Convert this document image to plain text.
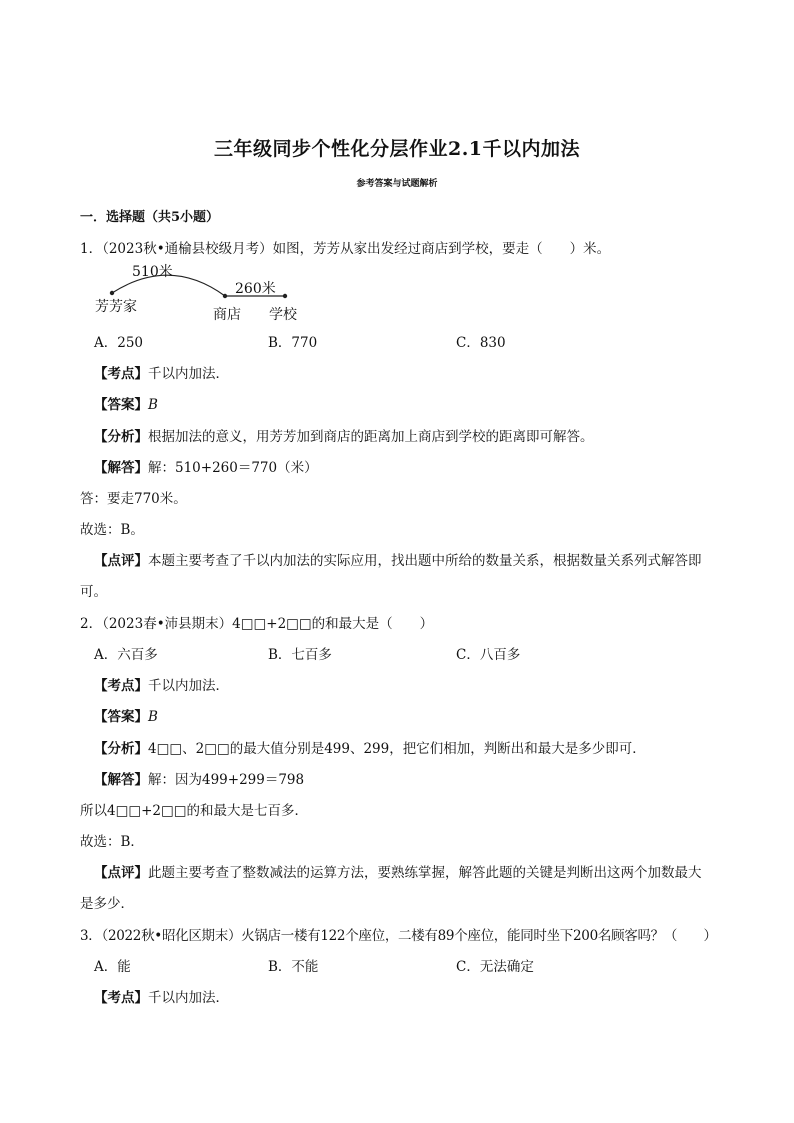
三年级同步个性化分层作业2.1千以内加法
参考答案与试题解析
一．选择题（共5小题）
1．（2023秋•通榆县校级月考）如图，芳芳从家出发经过商店到学校，要走（　　）米。
510米
260米
芳芳家	商店 学校
A．250	B．770	C．830
【考点】千以内加法．
【答案】B
【分析】根据加法的意义，用芳芳加到商店的距离加上商店到学校的距离即可解答。
【解答】解：510+260＝770（米）
答：要走770米。
故选：B。
【点评】本题主要考查了千以内加法的实际应用，找出题中所给的数量关系，根据数量关系列式解答即
可。
2．（2023春•沛县期末）4□□+2□□的和最大是（　　）
A．六百多	B．七百多	C．八百多
【考点】千以内加法．
【答案】B
【分析】4□□、2□□的最大值分别是499、299，把它们相加，判断出和最大是多少即可．
【解答】解：因为499+299＝798
所以4□□+2□□的和最大是七百多．
故选：B．
【点评】此题主要考查了整数减法的运算方法，要熟练掌握，解答此题的关键是判断出这两个加数最大
是多少．
3．（2022秋•昭化区期末）火锅店一楼有122个座位，二楼有89个座位，能同时坐下200名顾客吗？（　　）
A．能	B．不能	C．无法确定
【考点】千以内加法．
